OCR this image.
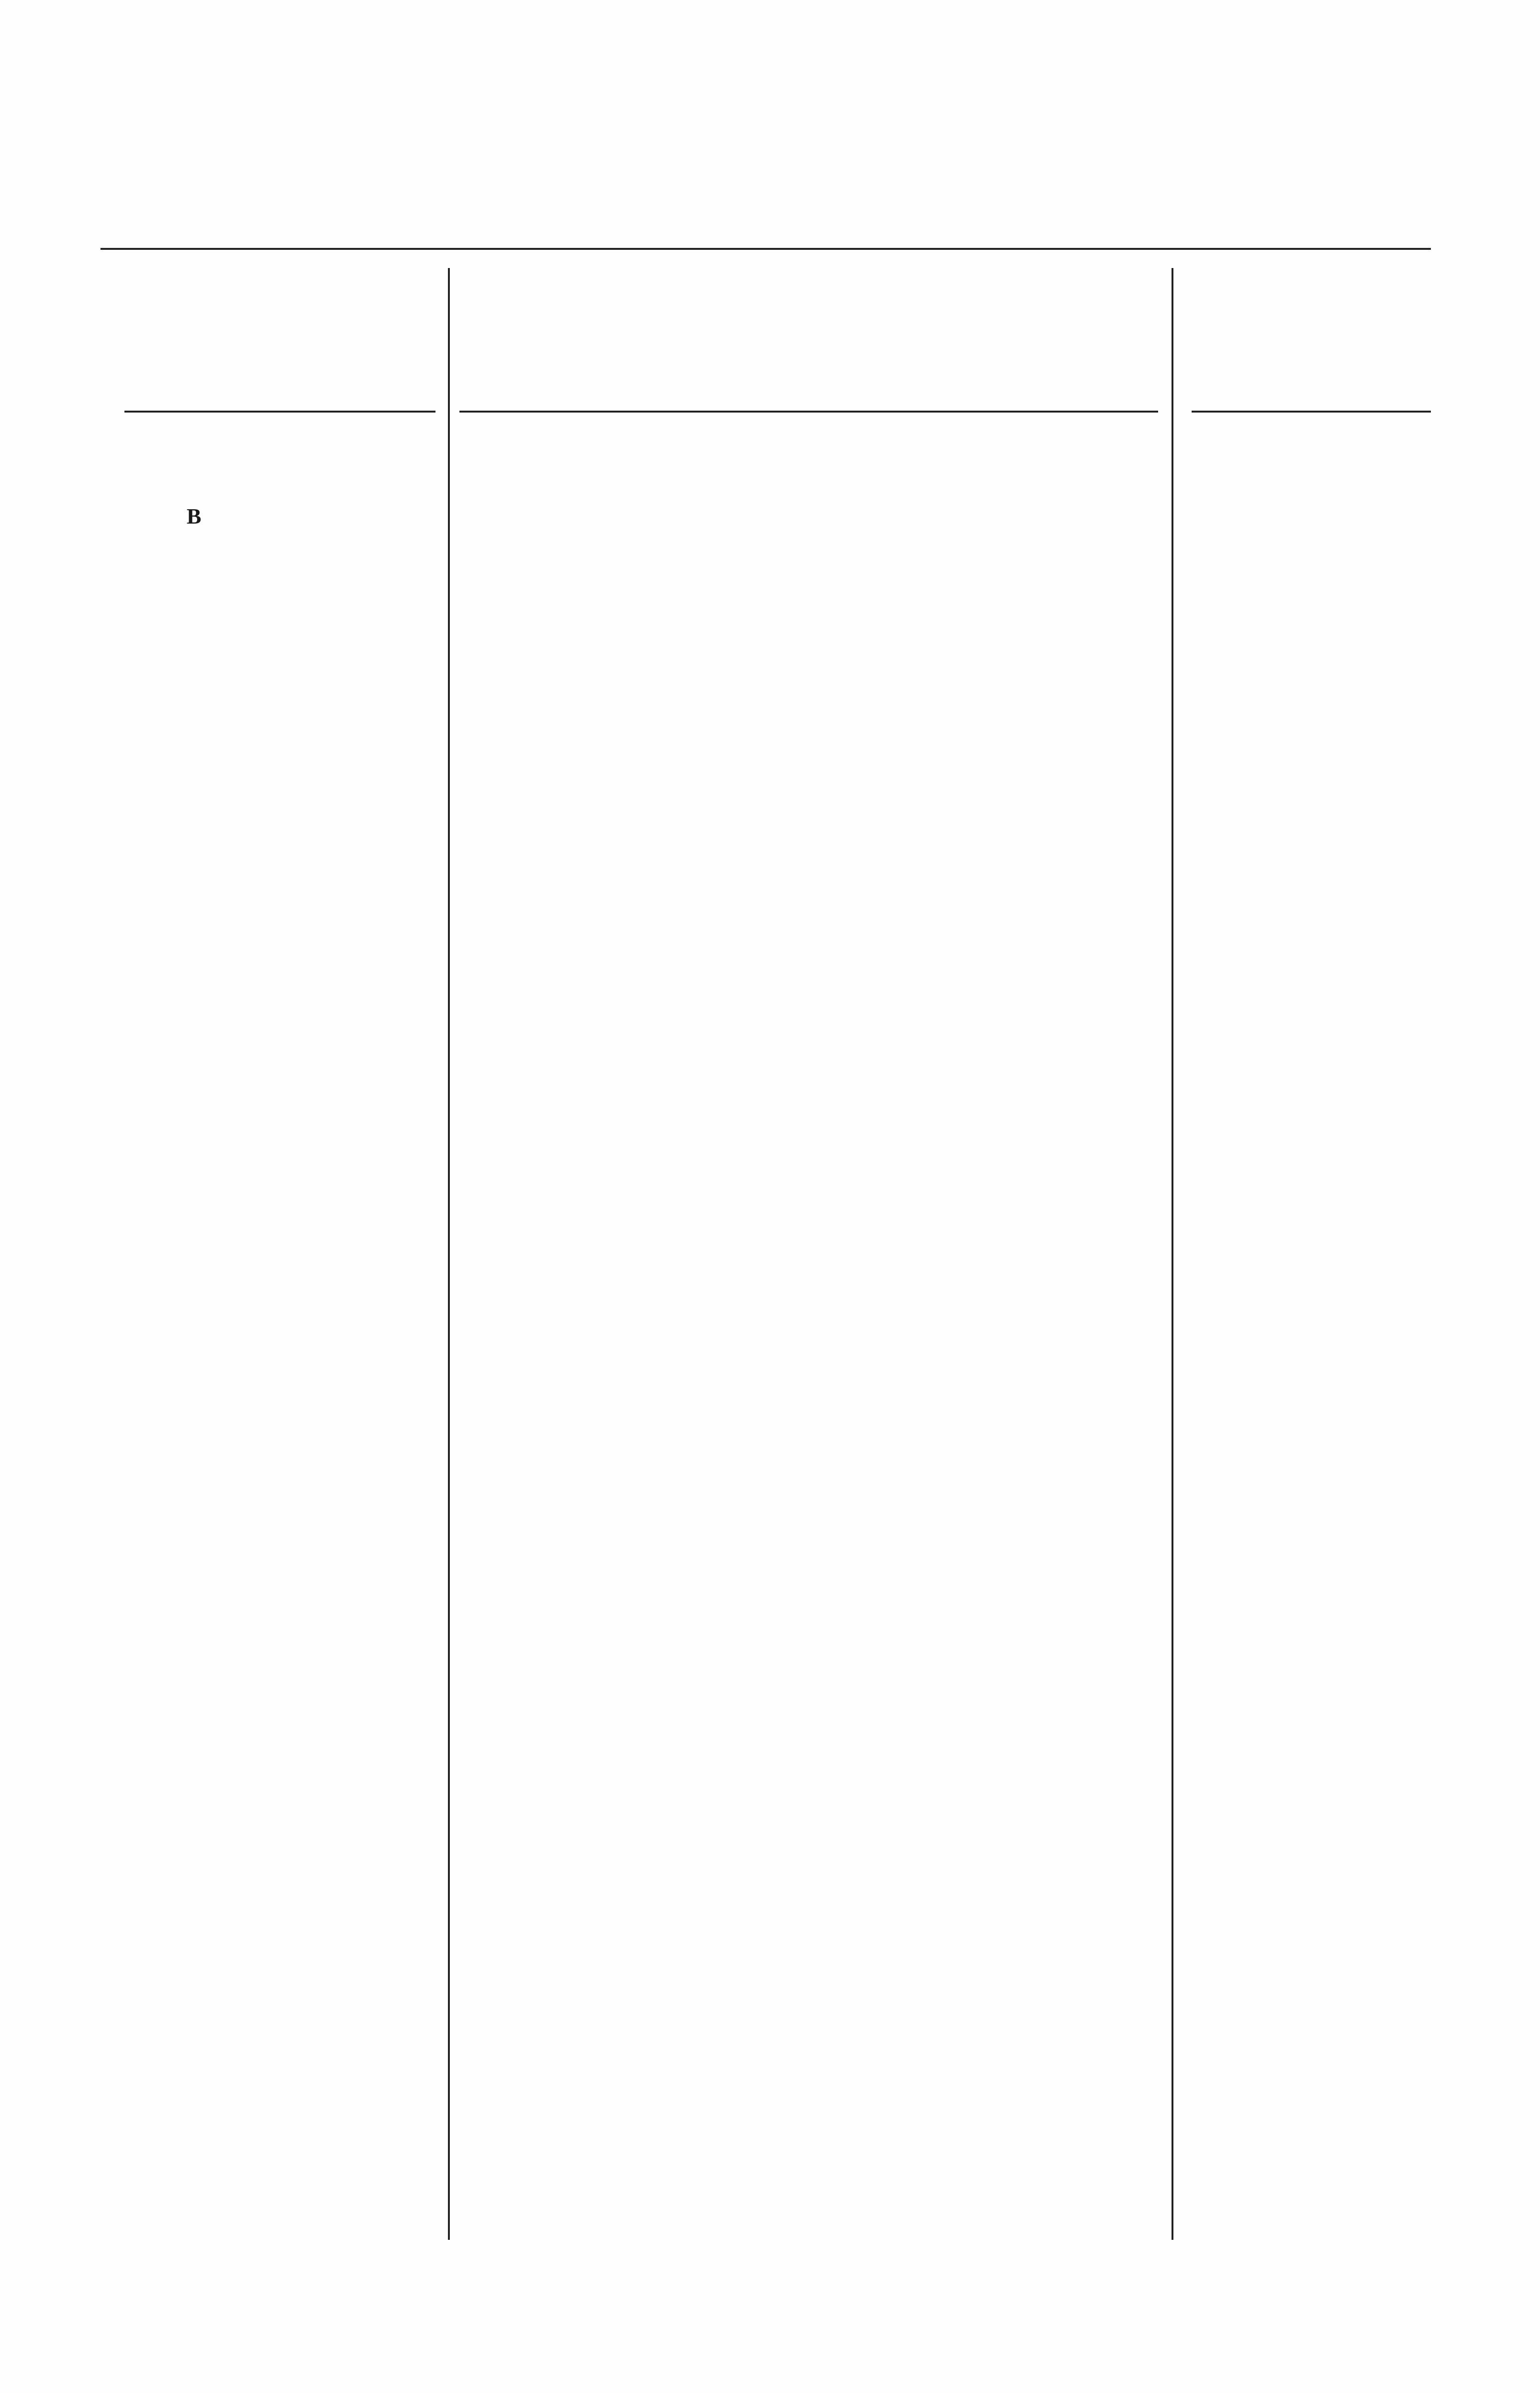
B
